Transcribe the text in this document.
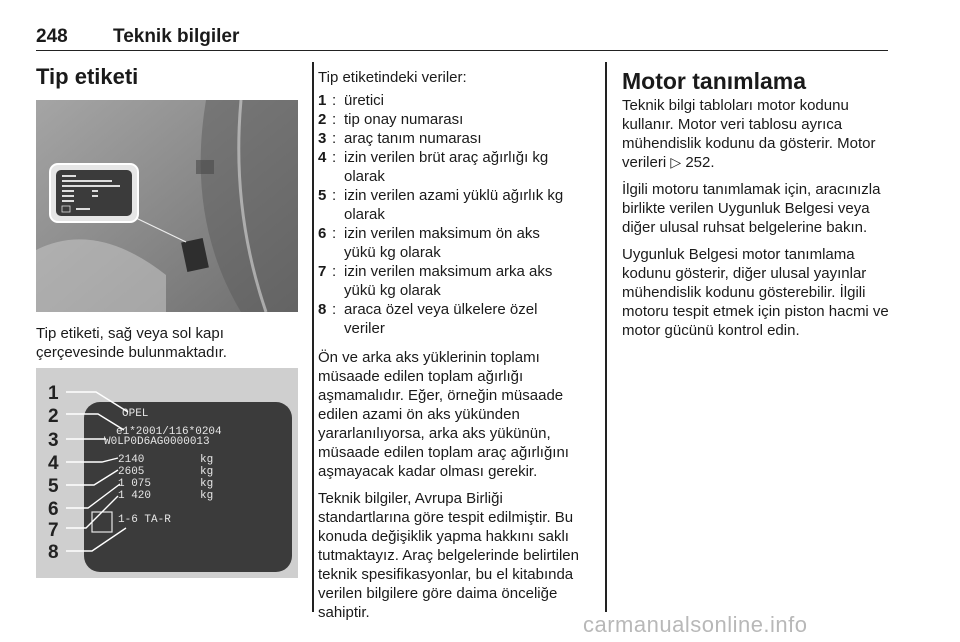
248 Teknik bilgiler
Tip etiketi

Tip etiketi, sağ veya sol kapı çerçevesinde bulunmaktadır.

OPEL
e1*2001/116*0204
W0LP0D6AG0000013
2140
2605
1 075
1 420
kg
kg
kg
kg
1-6 TA-R
1
2
3
4
5
6
7
8

Tip etiketindeki veriler:

1 : üretici
2 : tip onay numarası
3 : araç tanım numarası
4 : izin verilen brüt araç ağırlığı kg olarak
5 : izin verilen azami yüklü ağırlık kg olarak
6 : izin verilen maksimum ön aks yükü kg olarak
7 : izin verilen maksimum arka aks yükü kg olarak
8 : araca özel veya ülkelere özel veriler

Ön ve arka aks yüklerinin toplamı müsaade edilen toplam ağırlığı aşmamalıdır. Eğer, örneğin müsaade edilen azami ön aks yükünden yararlanılıyorsa, arka aks yükünün, müsaade edilen toplam araç ağırlığını aşmayacak kadar olması gerekir.

Teknik bilgiler, Avrupa Birliği standartlarına göre tespit edilmiştir. Bu konuda değişiklik yapma hakkını saklı tutmaktayız. Araç belgelerinde belirtilen teknik spesifikasyonlar, bu el kitabında verilen bilgilere göre daima önceliğe sahiptir.

Motor tanımlama

Teknik bilgi tabloları motor kodunu kullanır. Motor veri tablosu ayrıca mühendislik kodunu da gösterir. Motor verileri ▷ 252.

İlgili motoru tanımlamak için, aracınızla birlikte verilen Uygunluk Belgesi veya diğer ulusal ruhsat belgelerine bakın.

Uygunluk Belgesi motor tanımlama kodunu gösterir, diğer ulusal yayınlar mühendislik kodunu gösterebilir. İlgili motoru tespit etmek için piston hacmi ve motor gücünü kontrol edin.

carmanualsonline.info
